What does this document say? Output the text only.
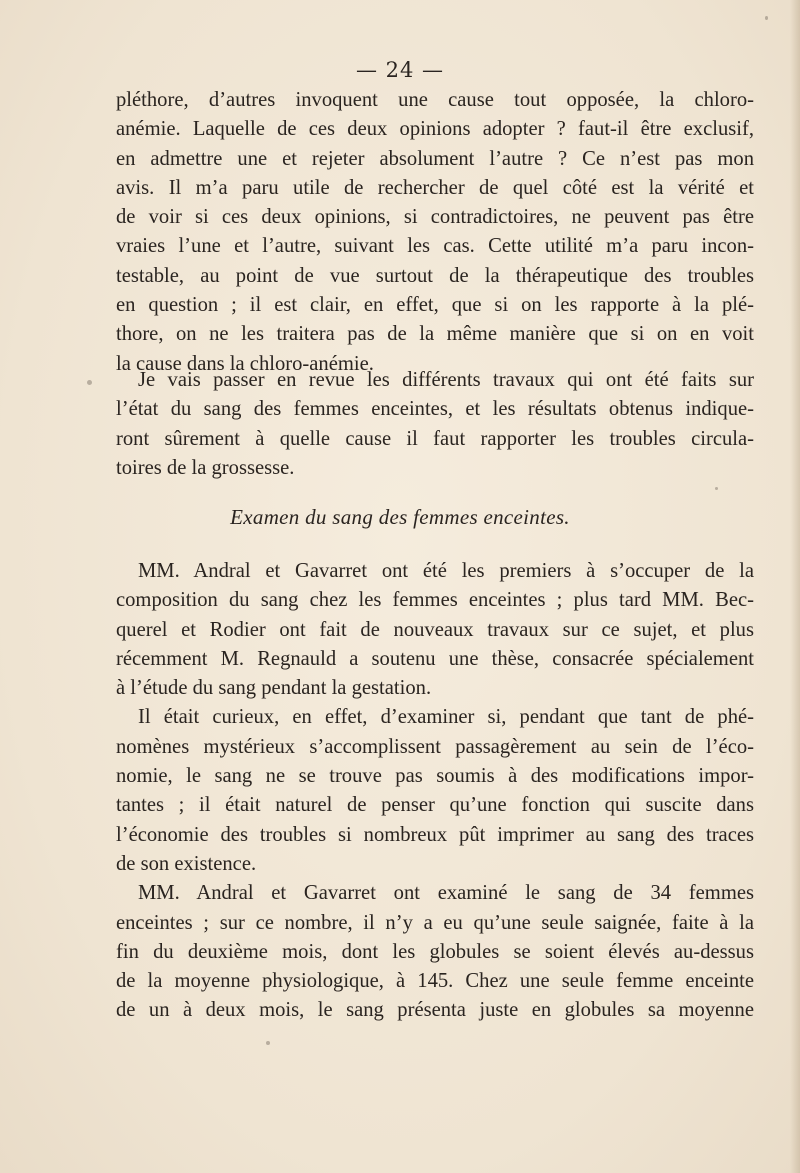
— 24 —
pléthore, d’autres invoquent une cause tout opposée, la chloro-
anémie. Laquelle de ces deux opinions adopter ? faut-il être exclusif,
en admettre une et rejeter absolument l’autre ? Ce n’est pas mon
avis. Il m’a paru utile de rechercher de quel côté est la vérité et
de voir si ces deux opinions, si contradictoires, ne peuvent pas être
vraies l’une et l’autre, suivant les cas. Cette utilité m’a paru incon-
testable, au point de vue surtout de la thérapeutique des troubles
en question ; il est clair, en effet, que si on les rapporte à la plé-
thore, on ne les traitera pas de la même manière que si on en voit
la cause dans la chloro-anémie.
Je vais passer en revue les différents travaux qui ont été faits sur
l’état du sang des femmes enceintes, et les résultats obtenus indique-
ront sûrement à quelle cause il faut rapporter les troubles circula-
toires de la grossesse.
Examen du sang des femmes enceintes.
MM. Andral et Gavarret ont été les premiers à s’occuper de la
composition du sang chez les femmes enceintes ; plus tard MM. Bec-
querel et Rodier ont fait de nouveaux travaux sur ce sujet, et plus
récemment M. Regnauld a soutenu une thèse, consacrée spécialement
à l’étude du sang pendant la gestation.
Il était curieux, en effet, d’examiner si, pendant que tant de phé-
nomènes mystérieux s’accomplissent passagèrement au sein de l’éco-
nomie, le sang ne se trouve pas soumis à des modifications impor-
tantes ; il était naturel de penser qu’une fonction qui suscite dans
l’économie des troubles si nombreux pût imprimer au sang des traces
de son existence.
MM. Andral et Gavarret ont examiné le sang de 34 femmes
enceintes ; sur ce nombre, il n’y a eu qu’une seule saignée, faite à la
fin du deuxième mois, dont les globules se soient élevés au-dessus
de la moyenne physiologique, à 145. Chez une seule femme enceinte
de un à deux mois, le sang présenta juste en globules sa moyenne
